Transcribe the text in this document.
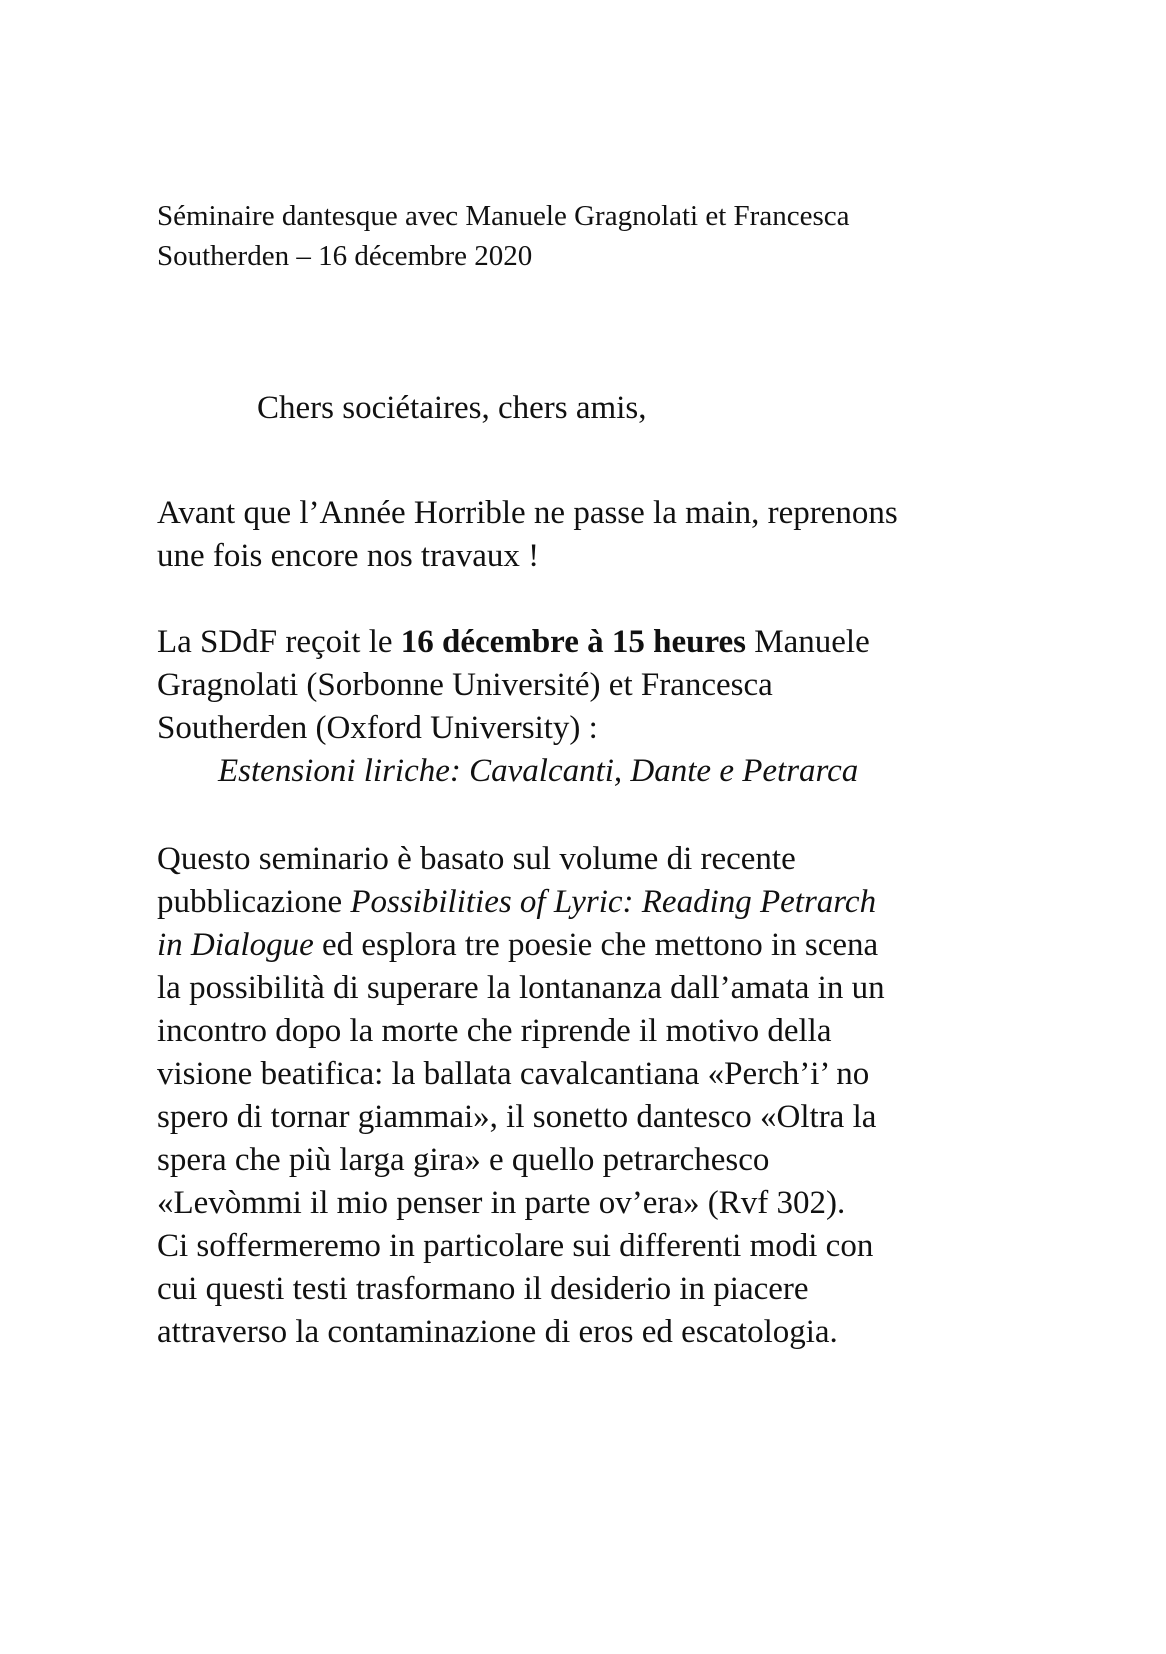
Séminaire dantesque avec Manuele Gragnolati et Francesca
Southerden – 16 décembre 2020
Chers sociétaires, chers amis,
Avant que l’Année Horrible ne passe la main, reprenons
une fois encore nos travaux !
La SDdF reçoit le 16 décembre à 15 heures Manuele
Gragnolati (Sorbonne Université) et Francesca
Southerden (Oxford University) :
Estensioni liriche: Cavalcanti, Dante e Petrarca
Questo seminario è basato sul volume di recente
pubblicazione Possibilities of Lyric: Reading Petrarch
in Dialogue ed esplora tre poesie che mettono in scena
la possibilità di superare la lontananza dall’amata in un
incontro dopo la morte che riprende il motivo della
visione beatifica: la ballata cavalcantiana «Perch’i’ no
spero di tornar giammai», il sonetto dantesco «Oltra la
spera che più larga gira» e quello petrarchesco
«Levòmmi il mio penser in parte ov’era» (Rvf 302).
Ci soffermeremo in particolare sui differenti modi con
cui questi testi trasformano il desiderio in piacere
attraverso la contaminazione di eros ed escatologia.
